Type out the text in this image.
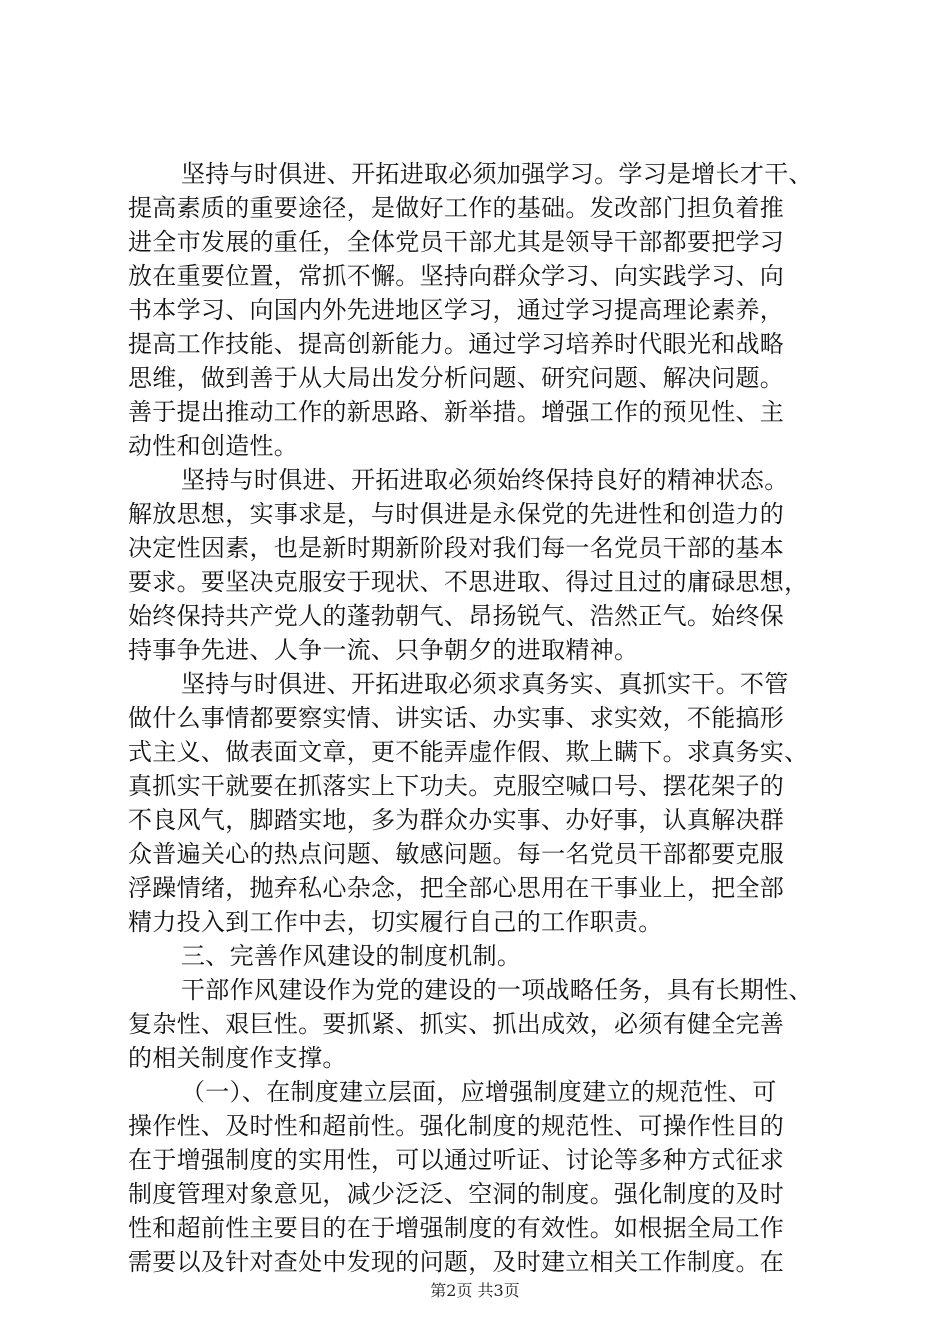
坚持与时俱进、开拓进取必须加强学习。学习是增长才干、
提高素质的重要途径，是做好工作的基础。发改部门担负着推
进全市发展的重任，全体党员干部尤其是领导干部都要把学习
放在重要位置，常抓不懈。坚持向群众学习、向实践学习、向
书本学习、向国内外先进地区学习，通过学习提高理论素养，
提高工作技能、提高创新能力。通过学习培养时代眼光和战略
思维，做到善于从大局出发分析问题、研究问题、解决问题。
善于提出推动工作的新思路、新举措。增强工作的预见性、主
动性和创造性。
坚持与时俱进、开拓进取必须始终保持良好的精神状态。
解放思想，实事求是，与时俱进是永保党的先进性和创造力的
决定性因素，也是新时期新阶段对我们每一名党员干部的基本
要求。要坚决克服安于现状、不思进取、得过且过的庸碌思想，
始终保持共产党人的蓬勃朝气、昂扬锐气、浩然正气。始终保
持事争先进、人争一流、只争朝夕的进取精神。
坚持与时俱进、开拓进取必须求真务实、真抓实干。不管
做什么事情都要察实情、讲实话、办实事、求实效，不能搞形
式主义、做表面文章，更不能弄虚作假、欺上瞒下。求真务实、
真抓实干就要在抓落实上下功夫。克服空喊口号、摆花架子的
不良风气，脚踏实地，多为群众办实事、办好事，认真解决群
众普遍关心的热点问题、敏感问题。每一名党员干部都要克服
浮躁情绪，抛弃私心杂念，把全部心思用在干事业上，把全部
精力投入到工作中去，切实履行自己的工作职责。
三、完善作风建设的制度机制。
干部作风建设作为党的建设的一项战略任务，具有长期性、
复杂性、艰巨性。要抓紧、抓实、抓出成效，必须有健全完善
的相关制度作支撑。
（一）、在制度建立层面，应增强制度建立的规范性、可
操作性、及时性和超前性。强化制度的规范性、可操作性目的
在于增强制度的实用性，可以通过听证、讨论等多种方式征求
制度管理对象意见，减少泛泛、空洞的制度。强化制度的及时
性和超前性主要目的在于增强制度的有效性。如根据全局工作
需要以及针对查处中发现的问题，及时建立相关工作制度。在
第2页 共3页
